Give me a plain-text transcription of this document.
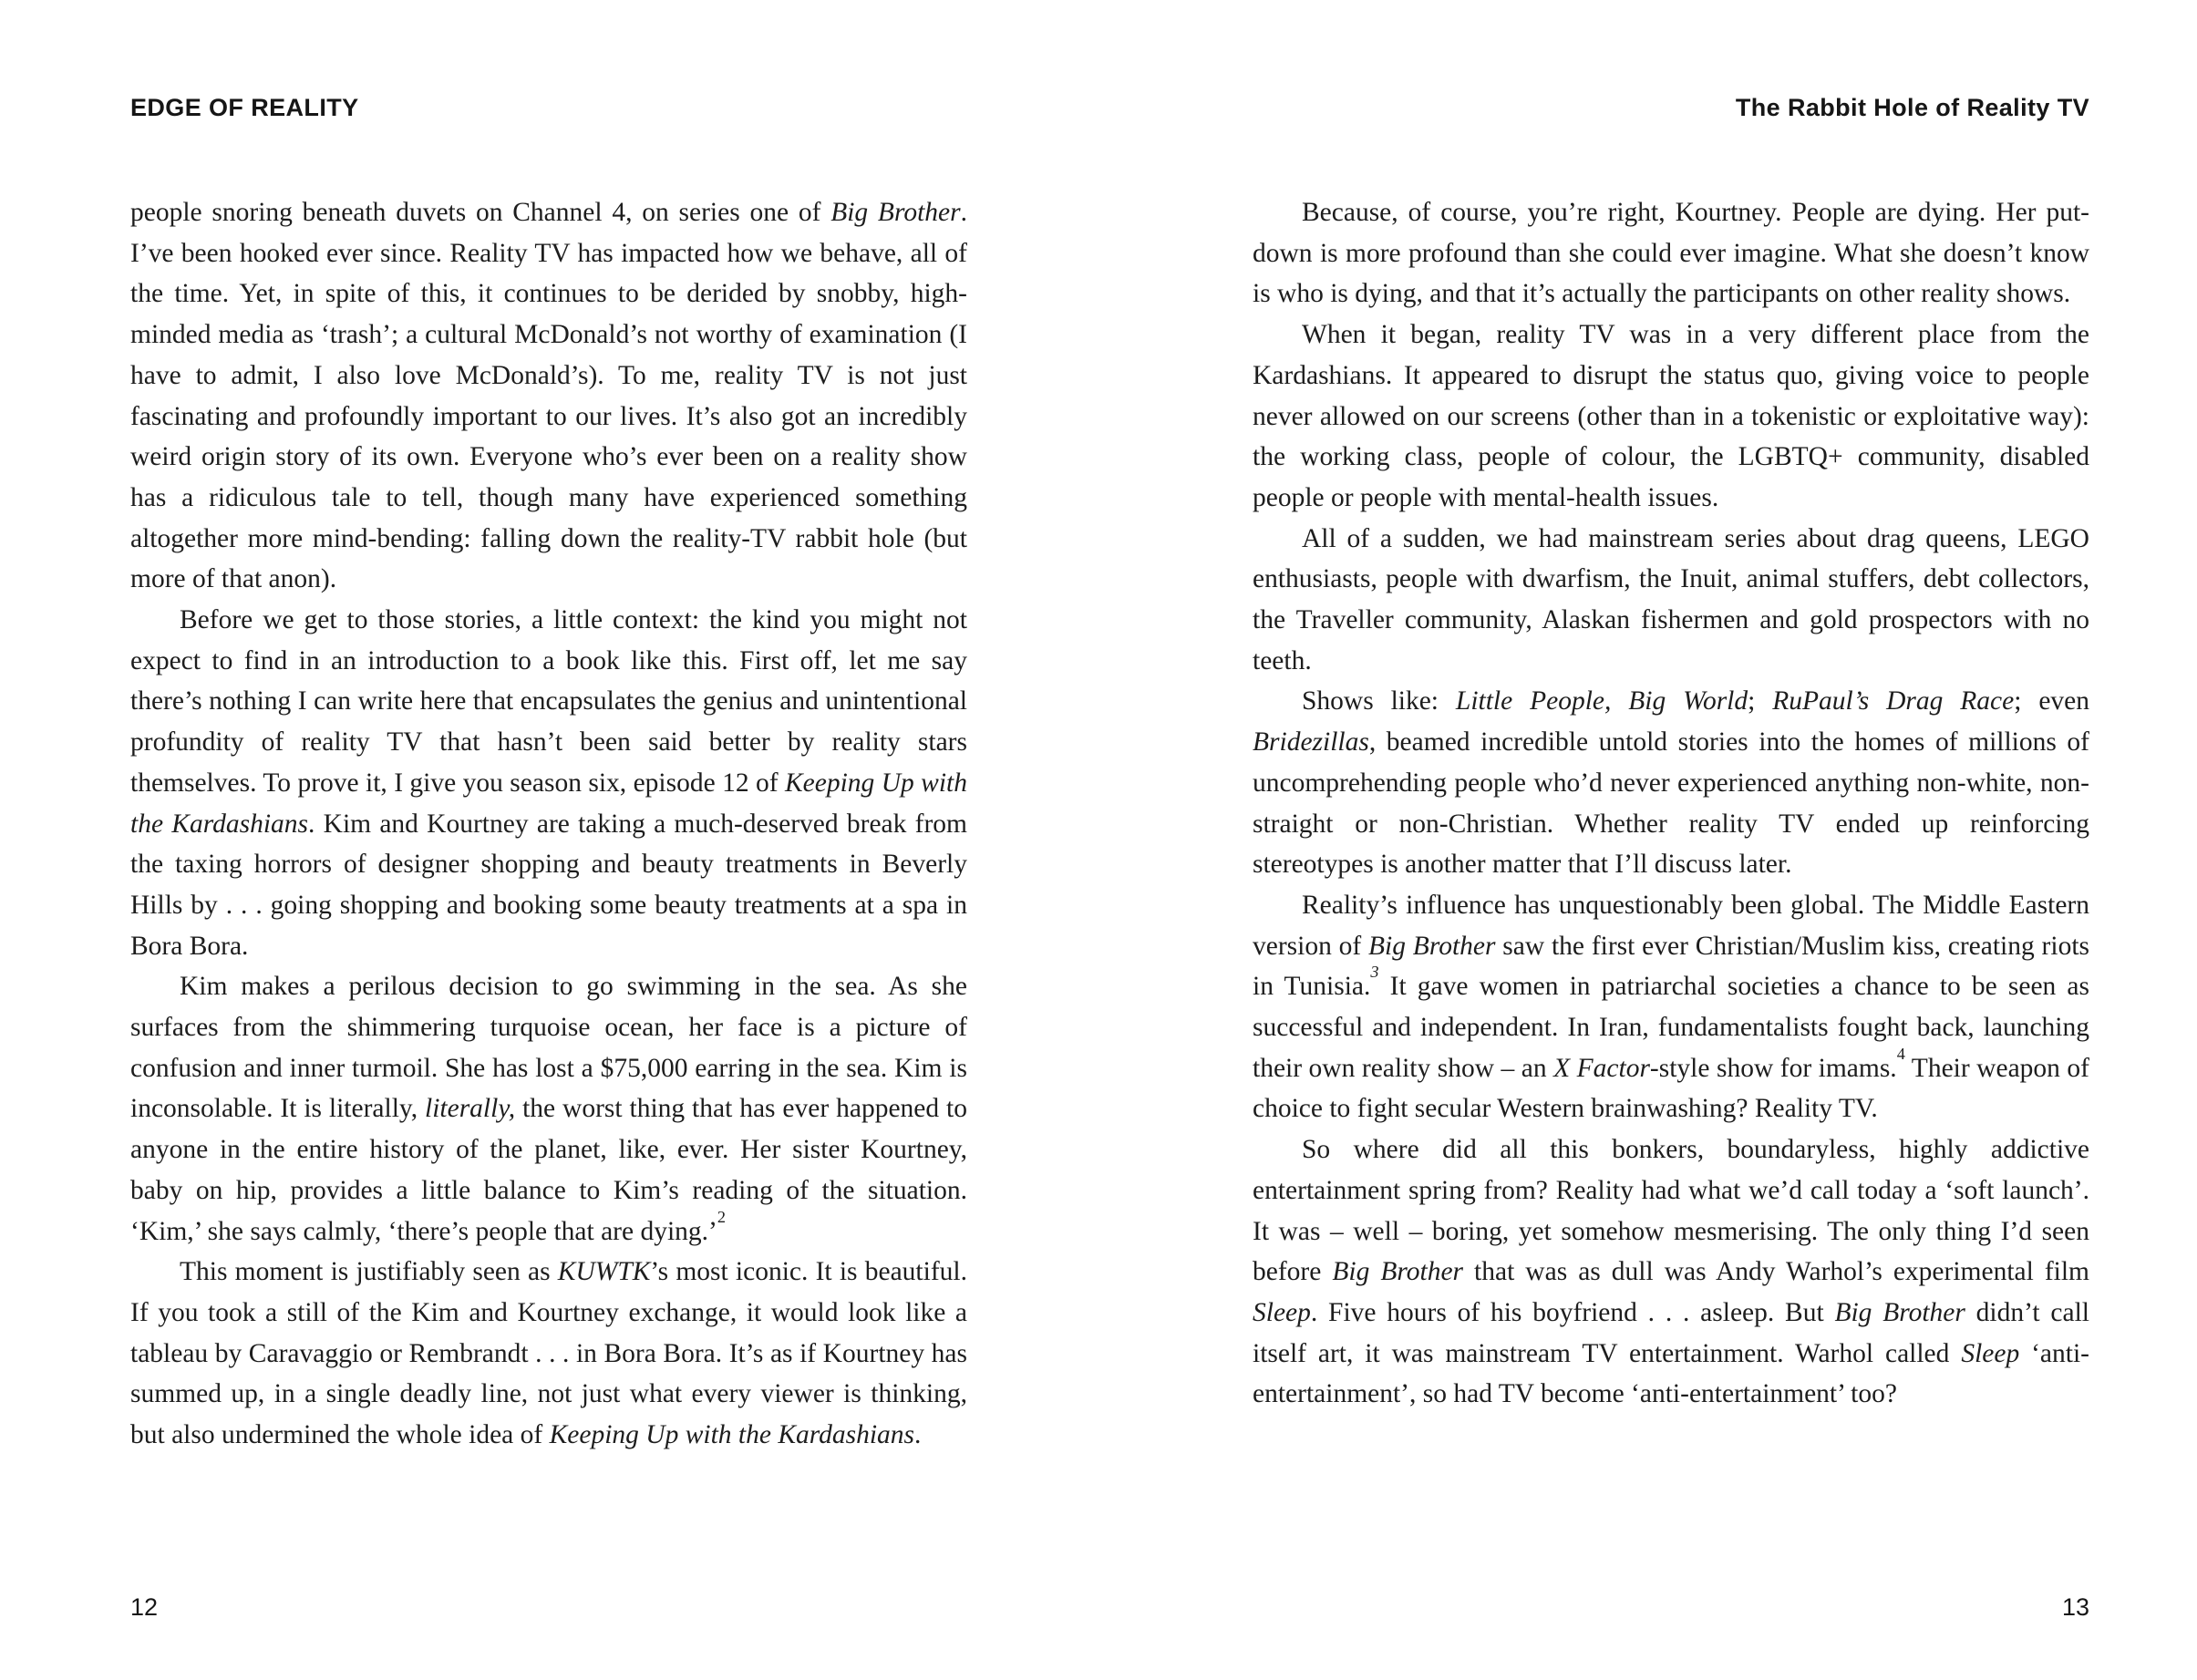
EDGE OF REALITY

people snoring beneath duvets on Channel 4, on series one of Big Brother. I’ve been hooked ever since. Reality TV has impacted how we behave, all of the time. Yet, in spite of this, it continues to be derided by snobby, high-minded media as ‘trash’; a cultural McDonald’s not worthy of examination (I have to admit, I also love McDonald’s). To me, reality TV is not just fascinating and profoundly important to our lives. It’s also got an incredibly weird origin story of its own. Everyone who’s ever been on a reality show has a ridiculous tale to tell, though many have experienced something altogether more mind-bending: falling down the reality-TV rabbit hole (but more of that anon).

Before we get to those stories, a little context: the kind you might not expect to find in an introduction to a book like this. First off, let me say there’s nothing I can write here that encapsulates the genius and unintentional profundity of reality TV that hasn’t been said better by reality stars themselves. To prove it, I give you season six, episode 12 of Keeping Up with the Kardashians. Kim and Kourtney are taking a much-deserved break from the taxing horrors of designer shopping and beauty treatments in Beverly Hills by . . . going shopping and booking some beauty treatments at a spa in Bora Bora.

Kim makes a perilous decision to go swimming in the sea. As she surfaces from the shimmering turquoise ocean, her face is a picture of confusion and inner turmoil. She has lost a $75,000 earring in the sea. Kim is inconsolable. It is literally, literally, the worst thing that has ever happened to anyone in the entire history of the planet, like, ever. Her sister Kourtney, baby on hip, provides a little balance to Kim’s reading of the situation. ‘Kim,’ she says calmly, ‘there’s people that are dying.’$^2$

This moment is justifiably seen as KUWTK’s most iconic. It is beautiful. If you took a still of the Kim and Kourtney exchange, it would look like a tableau by Caravaggio or Rembrandt . . . in Bora Bora. It’s as if Kourtney has summed up, in a single deadly line, not just what every viewer is thinking, but also undermined the whole idea of Keeping Up with the Kardashians.

12
The Rabbit Hole of Reality TV

Because, of course, you’re right, Kourtney. People are dying. Her put-down is more profound than she could ever imagine. What she doesn’t know is who is dying, and that it’s actually the participants on other reality shows.

When it began, reality TV was in a very different place from the Kardashians. It appeared to disrupt the status quo, giving voice to people never allowed on our screens (other than in a tokenistic or exploitative way): the working class, people of colour, the LGBTQ+ community, disabled people or people with mental-health issues.

All of a sudden, we had mainstream series about drag queens, LEGO enthusiasts, people with dwarfism, the Inuit, animal stuffers, debt collectors, the Traveller community, Alaskan fishermen and gold prospectors with no teeth.

Shows like: Little People, Big World; RuPaul’s Drag Race; even Bridezillas, beamed incredible untold stories into the homes of millions of uncomprehending people who’d never experienced anything non-white, non-straight or non-Christian. Whether reality TV ended up reinforcing stereotypes is another matter that I’ll discuss later.

Reality’s influence has unquestionably been global. The Middle Eastern version of Big Brother saw the first ever Christian/Muslim kiss, creating riots in Tunisia.$^3$ It gave women in patriarchal societies a chance to be seen as successful and independent. In Iran, fundamentalists fought back, launching their own reality show – an X Factor-style show for imams.$^4$ Their weapon of choice to fight secular Western brainwashing? Reality TV.

So where did all this bonkers, boundaryless, highly addictive entertainment spring from? Reality had what we’d call today a ‘soft launch’. It was – well – boring, yet somehow mesmerising. The only thing I’d seen before Big Brother that was as dull was Andy Warhol’s experimental film Sleep. Five hours of his boyfriend . . . asleep. But Big Brother didn’t call itself art, it was mainstream TV entertainment. Warhol called Sleep ‘anti-entertainment’, so had TV become ‘anti-entertainment’ too?

13
